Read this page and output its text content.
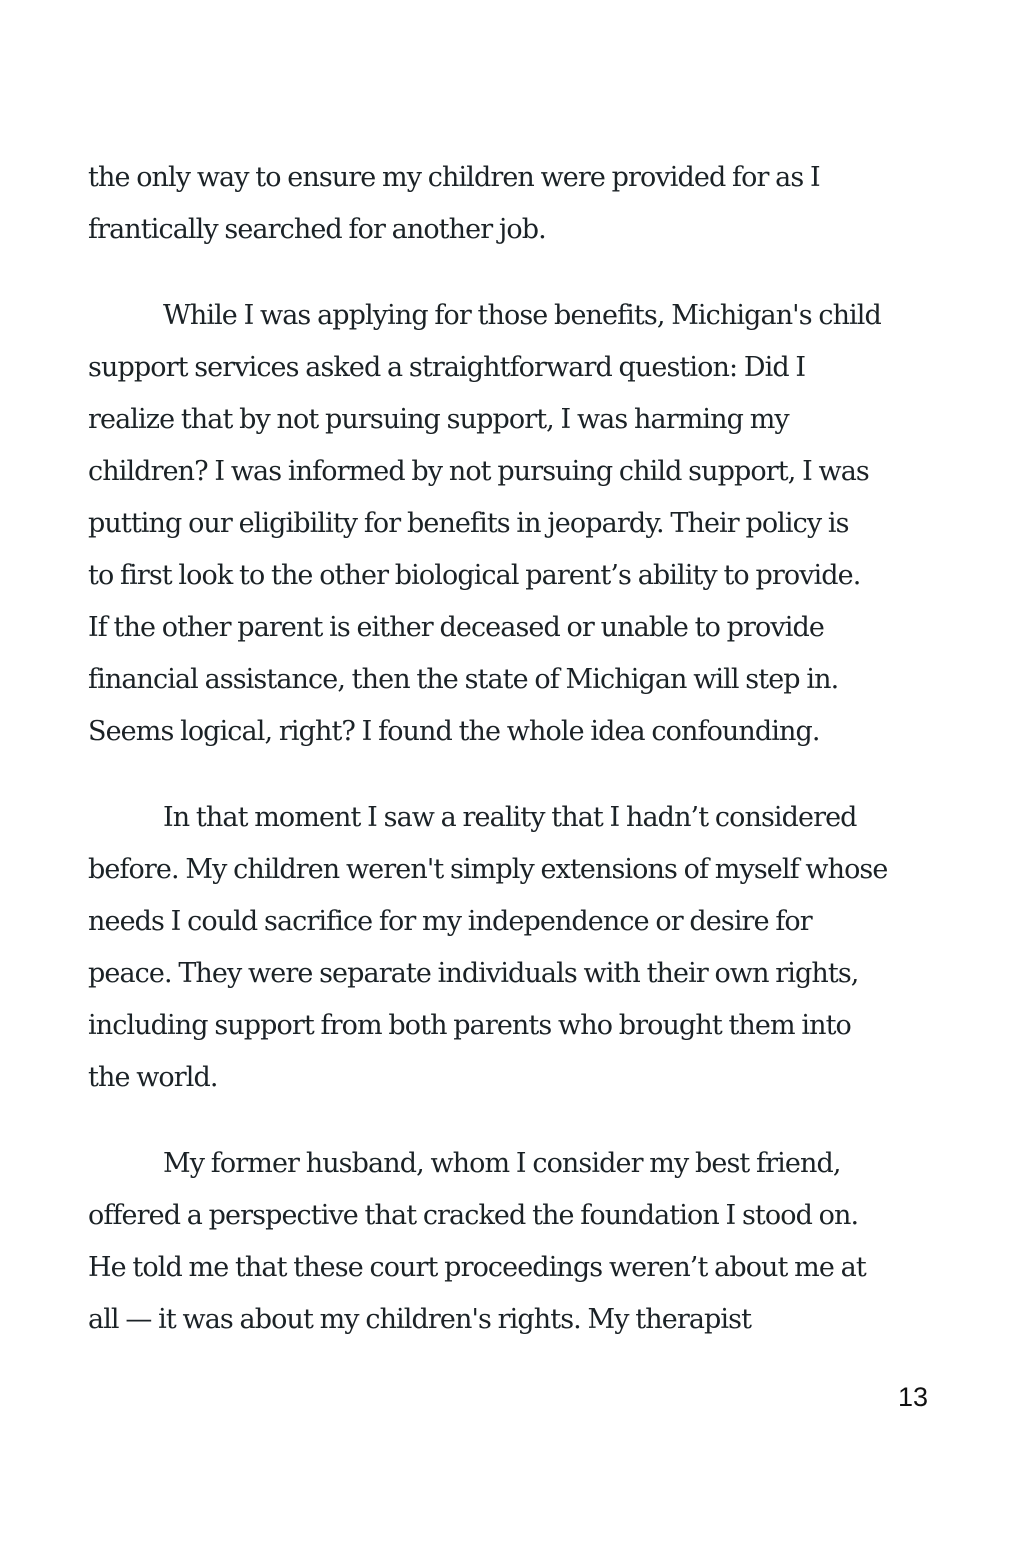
the only way to ensure my children were provided for as I
frantically searched for another job.

While I was applying for those benefits, Michigan's child
support services asked a straightforward question: Did I
realize that by not pursuing support, I was harming my
children? I was informed by not pursuing child support, I was
putting our eligibility for benefits in jeopardy. Their policy is
to first look to the other biological parent’s ability to provide.
If the other parent is either deceased or unable to provide
financial assistance, then the state of Michigan will step in.
Seems logical, right? I found the whole idea confounding.

In that moment I saw a reality that I hadn’t considered
before. My children weren't simply extensions of myself whose
needs I could sacrifice for my independence or desire for
peace. They were separate individuals with their own rights,
including support from both parents who brought them into
the world.

My former husband, whom I consider my best friend,
offered a perspective that cracked the foundation I stood on.
He told me that these court proceedings weren’t about me at
all — it was about my children's rights. My therapist

13
